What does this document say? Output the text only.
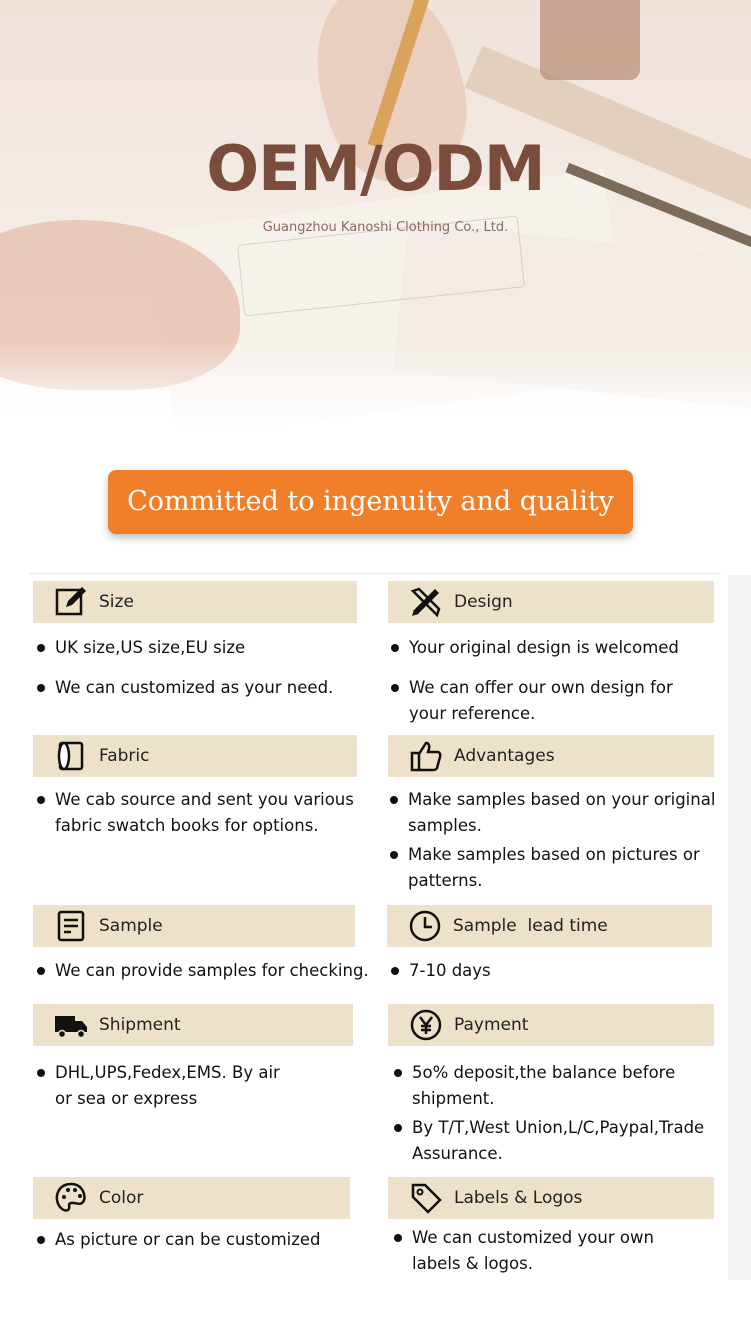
OEM/ODM

Guangzhou Kanoshi Clothing Co., Ltd.

Committed to ingenuity and quality
Size
UK size,US size,EU size
We can customized as your need.
Design
Your original design is welcomed
We can offer our own design for your reference.
Fabric
We cab source and sent you various fabric swatch books for options.
Advantages
Make samples based on your original samples.
Make samples based on pictures or patterns.
Sample
We can provide samples for checking.
Sample  lead time
7-10 days
Shipment
DHL,UPS,Fedex,EMS. By air or sea or express
Payment
5o% deposit,the balance before shipment.
By T/T,West Union,L/C,Paypal,Trade Assurance.
Color
As picture or can be customized
Labels & Logos
We can customized your own labels & logos.
